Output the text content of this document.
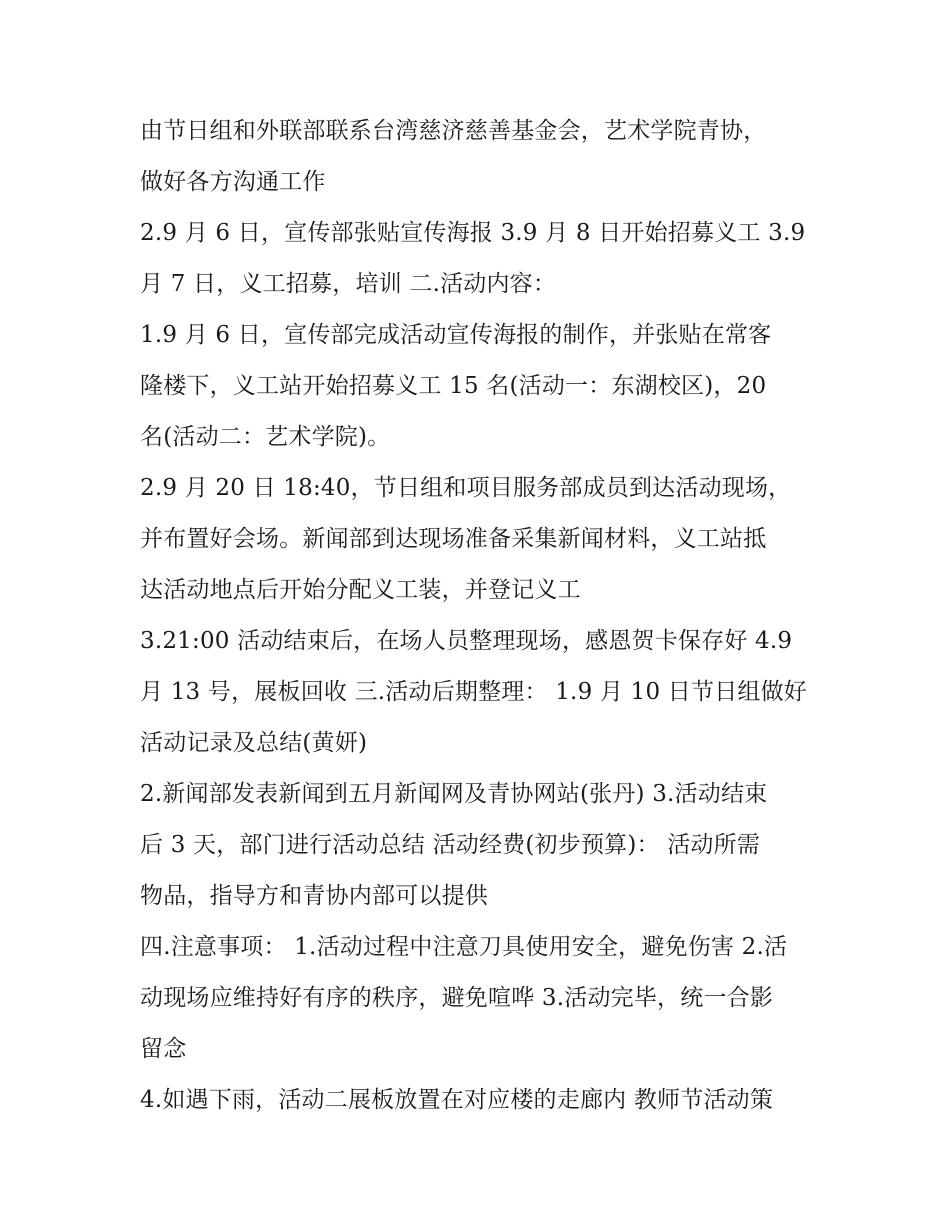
由节日组和外联部联系台湾慈济慈善基金会，艺术学院青协，
做好各方沟通工作
2.9 月 6 日，宣传部张贴宣传海报 3.9 月 8 日开始招募义工 3.9
月 7 日，义工招募，培训 二.活动内容：
1.9 月 6 日，宣传部完成活动宣传海报的制作，并张贴在常客
隆楼下，义工站开始招募义工 15 名(活动一：东湖校区)，20
名(活动二：艺术学院)。
2.9 月 20 日 18:40，节日组和项目服务部成员到达活动现场，
并布置好会场。新闻部到达现场准备采集新闻材料，义工站抵
达活动地点后开始分配义工装，并登记义工
3.21:00 活动结束后，在场人员整理现场，感恩贺卡保存好 4.9
月 13 号，展板回收 三.活动后期整理： 1.9 月 10 日节日组做好
活动记录及总结(黄妍)
2.新闻部发表新闻到五月新闻网及青协网站(张丹) 3.活动结束
后 3 天，部门进行活动总结 活动经费(初步预算)： 活动所需
物品，指导方和青协内部可以提供
四.注意事项： 1.活动过程中注意刀具使用安全，避免伤害 2.活
动现场应维持好有序的秩序，避免喧哗 3.活动完毕，统一合影
留念
4.如遇下雨，活动二展板放置在对应楼的走廊内 教师节活动策
